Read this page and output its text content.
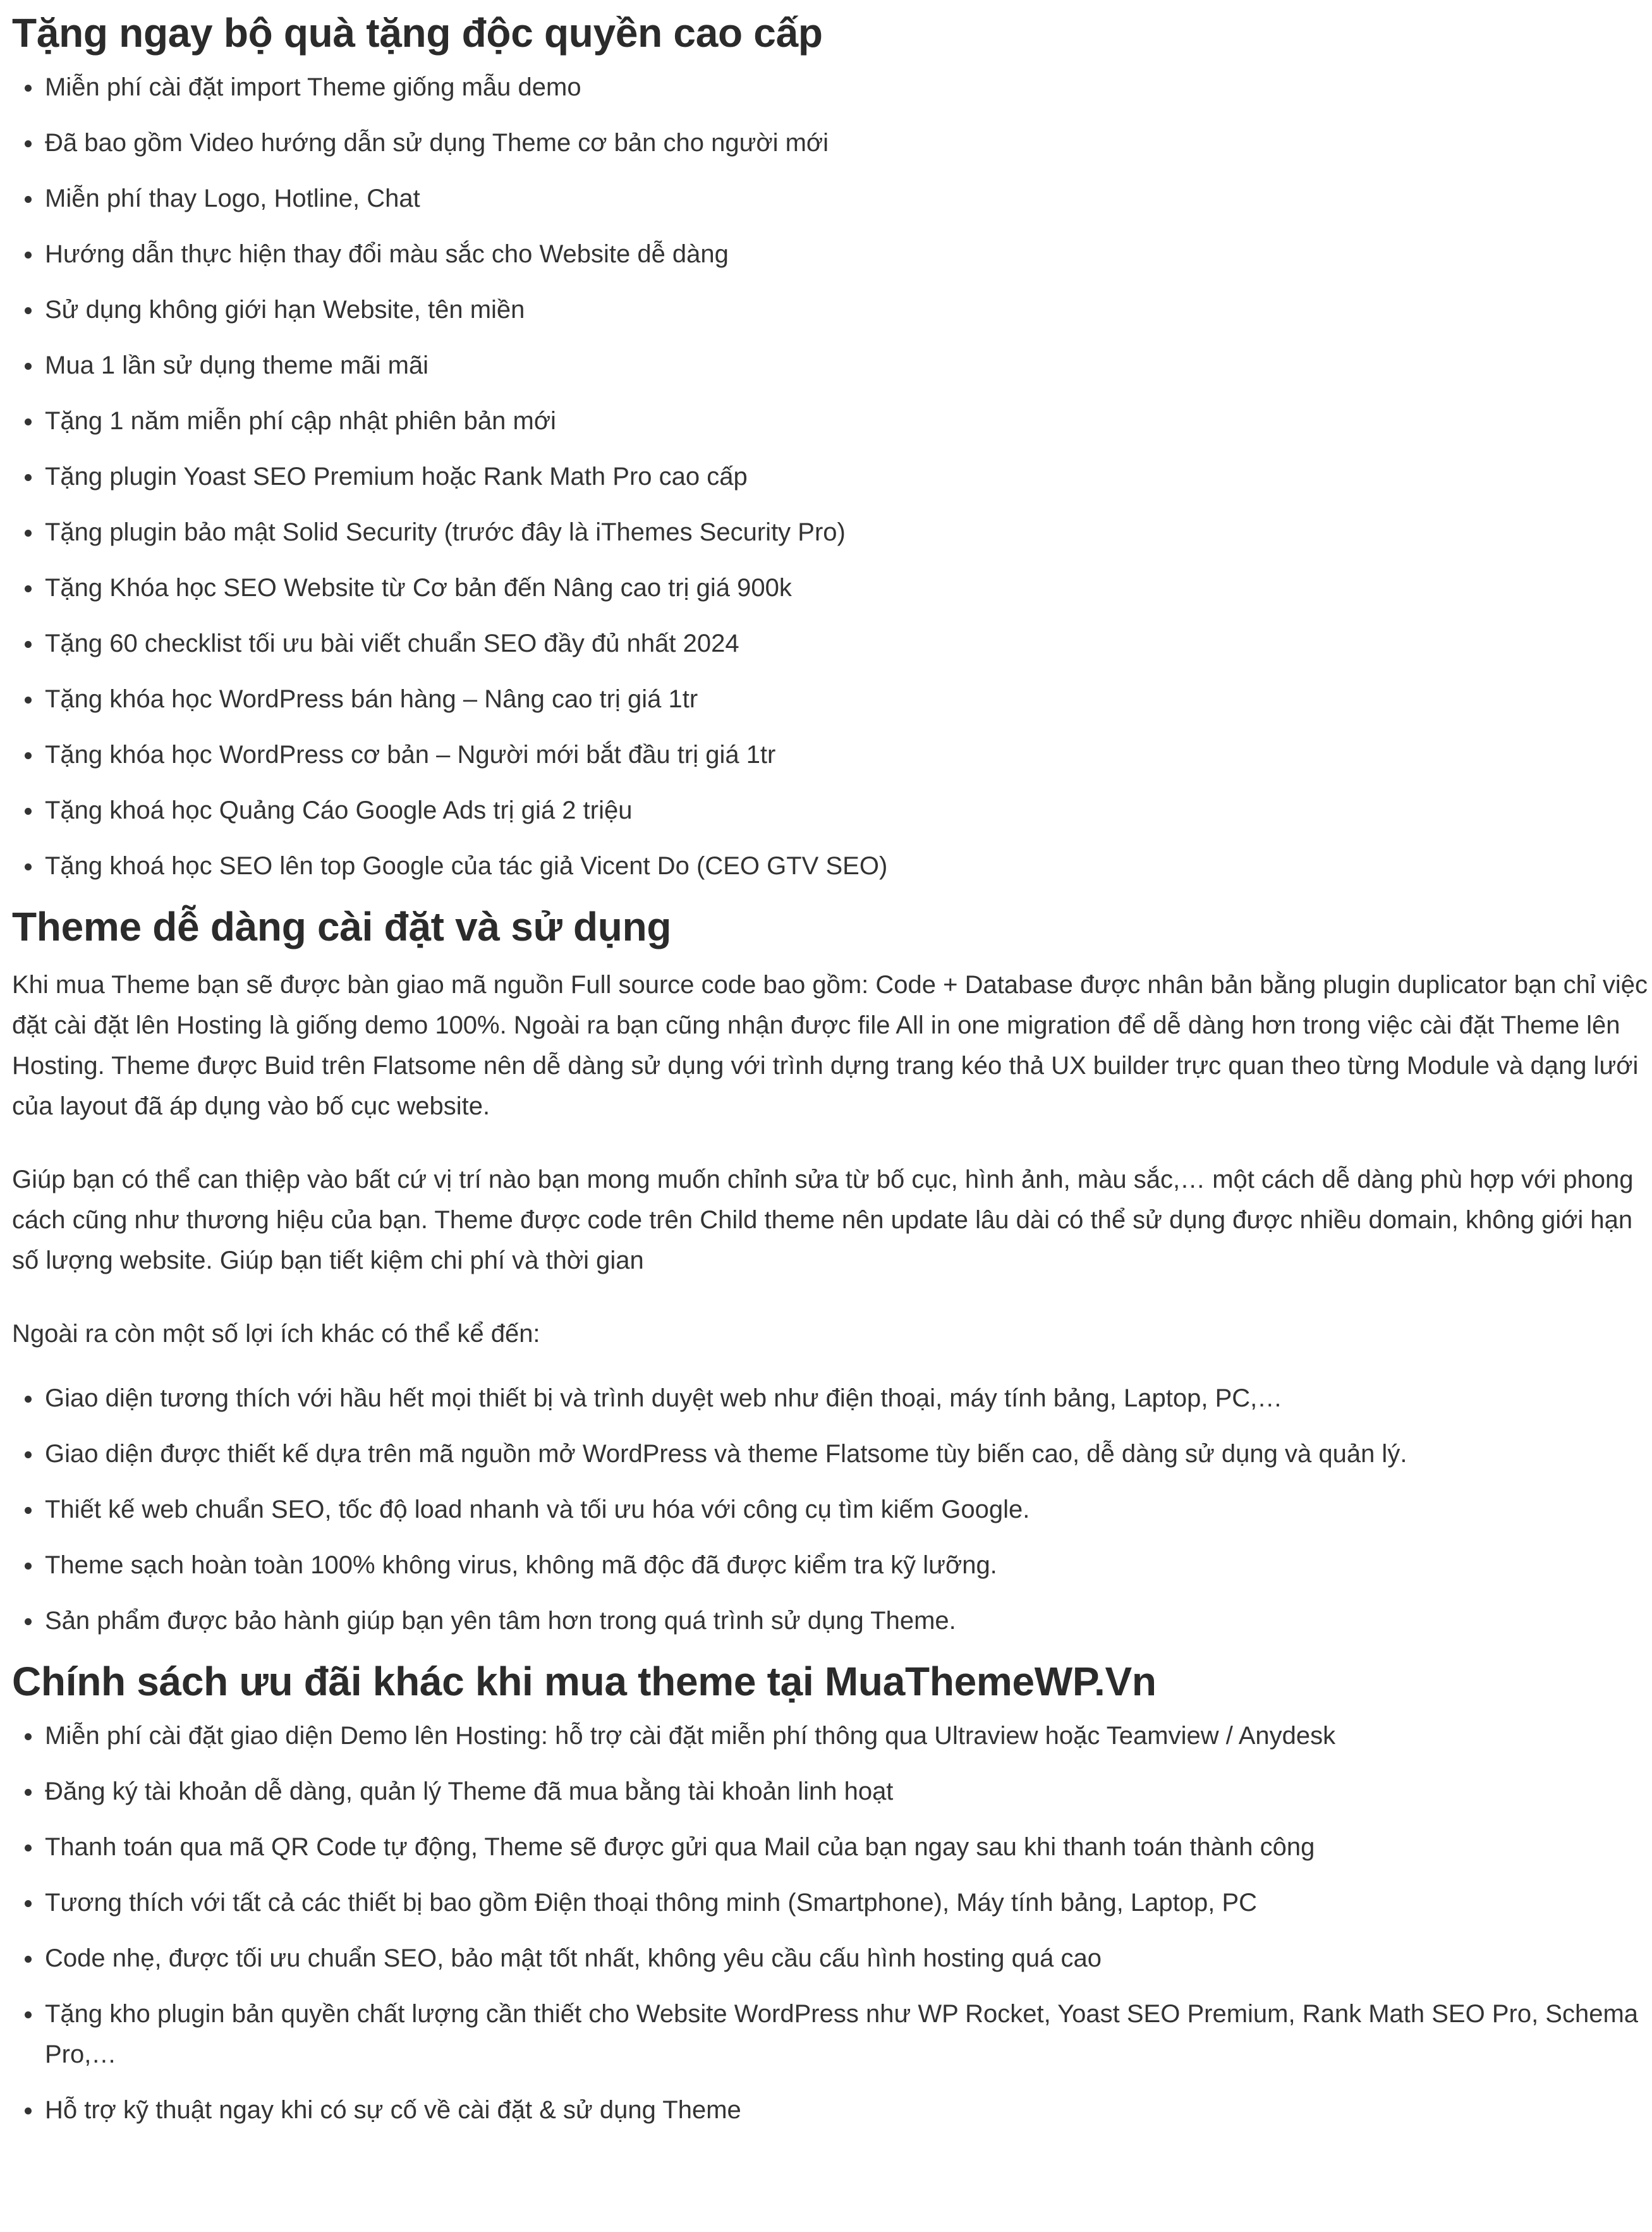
Tặng ngay bộ quà tặng độc quyền cao cấp
Miễn phí cài đặt import Theme giống mẫu demo
Đã bao gồm Video hướng dẫn sử dụng Theme cơ bản cho người mới
Miễn phí thay Logo, Hotline, Chat
Hướng dẫn thực hiện thay đổi màu sắc cho Website dễ dàng
Sử dụng không giới hạn Website, tên miền
Mua 1 lần sử dụng theme mãi mãi
Tặng 1 năm miễn phí cập nhật phiên bản mới
Tặng plugin Yoast SEO Premium hoặc Rank Math Pro cao cấp
Tặng plugin bảo mật Solid Security (trước đây là iThemes Security Pro)
Tặng Khóa học SEO Website từ Cơ bản đến Nâng cao trị giá 900k
Tặng 60 checklist tối ưu bài viết chuẩn SEO đầy đủ nhất 2024
Tặng khóa học WordPress bán hàng – Nâng cao trị giá 1tr
Tặng khóa học WordPress cơ bản – Người mới bắt đầu trị giá 1tr
Tặng khoá học Quảng Cáo Google Ads trị giá 2 triệu
Tặng khoá học SEO lên top Google của tác giả Vicent Do (CEO GTV SEO)
Theme dễ dàng cài đặt và sử dụng

Khi mua Theme bạn sẽ được bàn giao mã nguồn Full source code bao gồm: Code + Database được nhân bản bằng plugin duplicator bạn chỉ việc đặt cài đặt lên Hosting là giống demo 100%. Ngoài ra bạn cũng nhận được file All in one migration để dễ dàng hơn trong việc cài đặt Theme lên Hosting. Theme được Buid trên Flatsome nên dễ dàng sử dụng với trình dựng trang kéo thả UX builder trực quan theo từng Module và dạng lưới của layout đã áp dụng vào bố cục website.

Giúp bạn có thể can thiệp vào bất cứ vị trí nào bạn mong muốn chỉnh sửa từ bố cục, hình ảnh, màu sắc,… một cách dễ dàng phù hợp với phong cách cũng như thương hiệu của bạn. Theme được code trên Child theme nên update lâu dài có thể sử dụng được nhiều domain, không giới hạn số lượng website. Giúp bạn tiết kiệm chi phí và thời gian

Ngoài ra còn một số lợi ích khác có thể kể đến:

Giao diện tương thích với hầu hết mọi thiết bị và trình duyệt web như điện thoại, máy tính bảng, Laptop, PC,…
Giao diện được thiết kế dựa trên mã nguồn mở WordPress và theme Flatsome tùy biến cao, dễ dàng sử dụng và quản lý.
Thiết kế web chuẩn SEO, tốc độ load nhanh và tối ưu hóa với công cụ tìm kiếm Google.
Theme sạch hoàn toàn 100% không virus, không mã độc đã được kiểm tra kỹ lưỡng.
Sản phẩm được bảo hành giúp bạn yên tâm hơn trong quá trình sử dụng Theme.
Chính sách ưu đãi khác khi mua theme tại MuaThemeWP.Vn
Miễn phí cài đặt giao diện Demo lên Hosting: hỗ trợ cài đặt miễn phí thông qua Ultraview hoặc Teamview / Anydesk
Đăng ký tài khoản dễ dàng, quản lý Theme đã mua bằng tài khoản linh hoạt
Thanh toán qua mã QR Code tự động, Theme sẽ được gửi qua Mail của bạn ngay sau khi thanh toán thành công
Tương thích với tất cả các thiết bị bao gồm Điện thoại thông minh (Smartphone), Máy tính bảng, Laptop, PC
Code nhẹ, được tối ưu chuẩn SEO, bảo mật tốt nhất, không yêu cầu cấu hình hosting quá cao
Tặng kho plugin bản quyền chất lượng cần thiết cho Website WordPress như WP Rocket, Yoast SEO Premium, Rank Math SEO Pro, Schema Pro,…
Hỗ trợ kỹ thuật ngay khi có sự cố về cài đặt & sử dụng Theme
